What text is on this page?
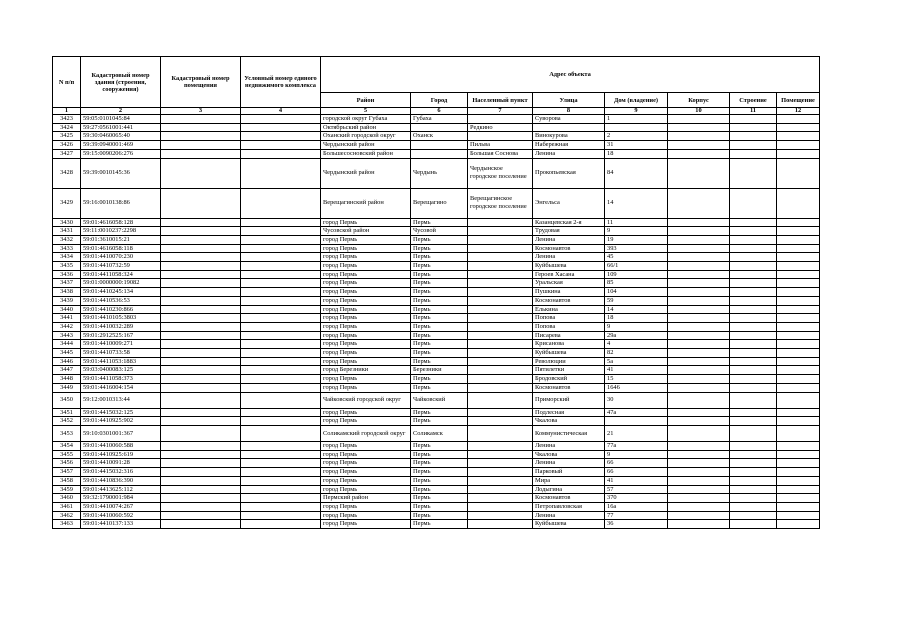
N п/п	Кадастровый номер здания (строения, сооружения)	Кадастровый номер помещения	Условный номер единого недвижимого комплекса	Адрес объекта							
				Район	Город	Населенный пункт	Улица	Дом (владение)	Корпус	Строение	Помещение
1	2	3	4	5	6	7	8	9	10	11	12
3423	59:05:0101045:84			городской округ Губаха	Губаха		Суворова	1			
3424	59:27:0561001:441			Октябрьский район		Редкино					
3425	59:30:0460065:40			Оханский городской округ	Оханск		Винокурова	2			
3426	59:39:0940001:469			Чердынский район		Пильва	Набережная	31			
3427	59:15:0090206:276			Большесосновский район		Большая Соснова	Ленина	18			
3428	59:39:0010145:36			Чердынский район	Чердынь	Чердынское городское поселение	Прокопьевская	84			
3429	59:16:0010138:86			Верещагинский район	Верещагино	Верещагинское городское поселение	Энгельса	14			
3430	59:01:4616058:128			город Пермь	Пермь		Казанцевская 2-я	11			
3431	59:11:0010237:2298			Чусовской район	Чусовой		Трудовая	9			
3432	59:01:3610015:21			город Пермь	Пермь		Ленина	19			
3433	59:01:4616058:118			город Пермь	Пермь		Космонавтов	393			
3434	59:01:4410070:230			город Пермь	Пермь		Ленина	45			
3435	59:01:4410732:59			город Пермь	Пермь		Куйбышева	66/1			
3436	59:01:4411058:324			город Пермь	Пермь		Героев Хасана	109			
3437	59:01:0000000:19082			город Пермь	Пермь		Уральская	85			
3438	59:01:4410245:134			город Пермь	Пермь		Пушкина	104			
3439	59:01:4410536:53			город Пермь	Пермь		Космонавтов	59			
3440	59:01:4410230:866			город Пермь	Пермь		Елькина	14			
3441	59:01:4410105:3803			город Пермь	Пермь		Попова	18			
3442	59:01:4410032:289			город Пермь	Пермь		Попова	9			
3443	59:01:2912525:167			город Пермь	Пермь		Писарева	29а			
3444	59:01:4410009:271			город Пермь	Пермь		Крисанова	4			
3445	59:01:4410733:58			город Пермь	Пермь		Куйбышева	82			
3446	59:01:4411053:1883			город Пермь	Пермь		Революции	5а			
3447	59:03:0400083:125			город Березники	Березники		Пятилетки	41			
3448	59:01:4411058:373			город Пермь	Пермь		Бродовский	15			
3449	59:01:4416004:154			город Пермь	Пермь		Космонавтов	1646			
3450	59:12:0010313:44			Чайковский городской округ	Чайковский		Приморский	30			
3451	59:01:4415032:125			город Пермь	Пермь		Подлесная	47а			
3452	59:01:4410925:902			город Пермь	Пермь		Чкалова				
3453	59:10:0301001:367			Соликамский городской округ	Соликамск		Коммунистическая	21			
3454	59:01:4410060:588			город Пермь	Пермь		Ленина	77а			
3455	59:01:4410925:619			город Пермь	Пермь		Чкалова	9			
3456	59:01:4410091:28			город Пермь	Пермь		Ленина	66			
3457	59:01:4415032:316			город Пермь	Пермь		Парковый	66			
3458	59:01:4410836:390			город Пермь	Пермь		Мира	41			
3459	59:01:4413625:112			город Пермь	Пермь		Лодыгина	57			
3460	59:32:1790001:984			Пермский район	Пермь		Космонавтов	370			
3461	59:01:4410074:267			город Пермь	Пермь		Петропавловская	16а			
3462	59:01:4410060:592			город Пермь	Пермь		Ленина	77			
3463	59:01:4410137:133			город Пермь	Пермь		Куйбышева	36			
